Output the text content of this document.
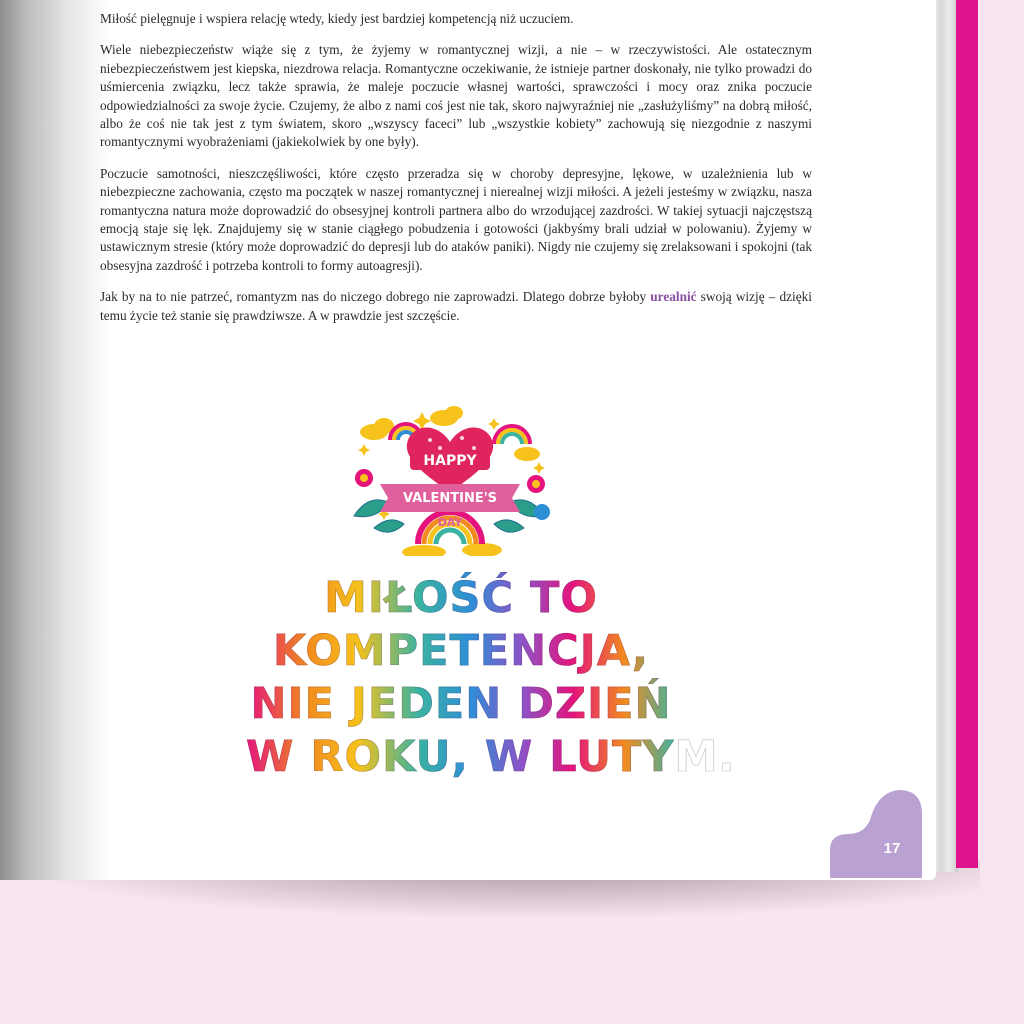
Miłość pielęgnuje i wspiera relację wtedy, kiedy jest bardziej kompetencją niż uczuciem.

Wiele niebezpieczeństw wiąże się z tym, że żyjemy w romantycznej wizji, a nie – w rzeczywistości. Ale ostatecznym niebezpieczeństwem jest kiepska, niezdrowa relacja. Romantyczne oczekiwanie, że istnieje partner doskonały, nie tylko prowadzi do uśmiercenia związku, lecz także sprawia, że maleje poczucie własnej wartości, sprawczości i mocy oraz znika poczucie odpowiedzialności za swoje życie. Czujemy, że albo z nami coś jest nie tak, skoro najwyraźniej nie „zasłużyliśmy” na dobrą miłość, albo że coś nie tak jest z tym światem, skoro „wszyscy faceci” lub „wszystkie kobiety” zachowują się niezgodnie z naszymi romantycznymi wyobrażeniami (jakiekolwiek by one były).

Poczucie samotności, nieszczęśliwości, które często przeradza się w choroby depresyjne, lękowe, w uzależnienia lub w niebezpieczne zachowania, często ma początek w naszej romantycznej i nierealnej wizji miłości. A jeżeli jesteśmy w związku, nasza romantyczna natura może doprowadzić do obsesyjnej kontroli partnera albo do wrzodującej zazdrości. W takiej sytuacji najczęstszą emocją staje się lęk. Znajdujemy się w stanie ciągłego pobudzenia i gotowości (jakbyśmy brali udział w polowaniu). Żyjemy w ustawicznym stresie (który może doprowadzić do depresji lub do ataków paniki). Nigdy nie czujemy się zrelaksowani i spokojni (tak obsesyjna zazdrość i potrzeba kontroli to formy autoagresji).

Jak by na to nie patrzeć, romantyzm nas do niczego dobrego nie zaprowadzi. Dlatego dobrze byłoby urealnić swoją wizję – dzięki temu życie też stanie się prawdziwsze. A w prawdzie jest szczęście.

HAPPY
VALENTINE'S
DAY
MIŁOŚĆ TO
KOMPETENCJA,
NIE JEDEN DZIEŃ
W ROKU, W LUTYM.
17
